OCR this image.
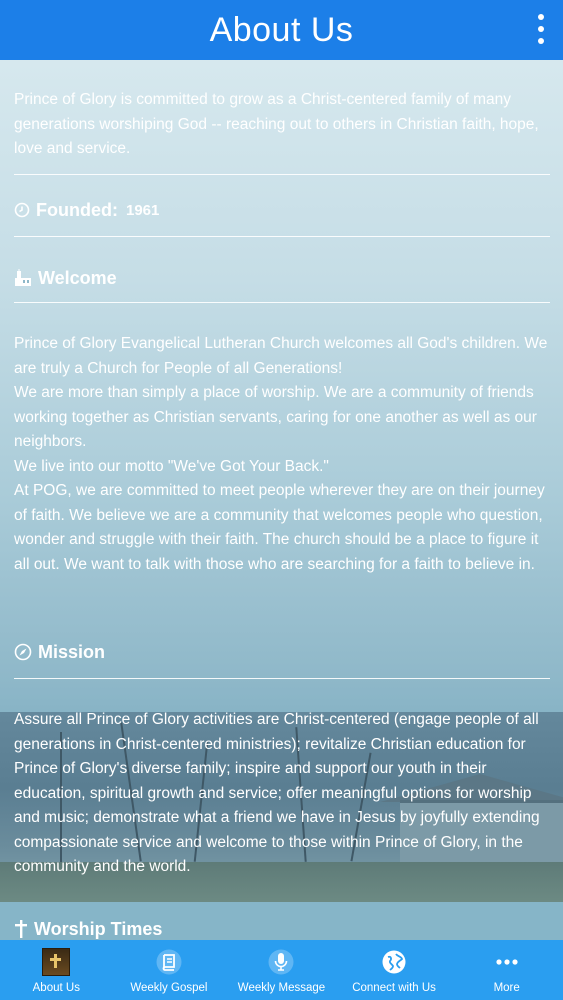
About Us
Prince of Glory is committed to grow as a Christ-centered family of many generations worshiping God -- reaching out to others in Christian faith, hope, love and service.
Founded: 1961
Welcome
Prince of Glory Evangelical Lutheran Church welcomes all God's children. We are truly a Church for People of all Generations!
We are more than simply a place of worship. We are a community of friends working together as Christian servants, caring for one another as well as our neighbors.
We live into our motto "We've Got Your Back."
At POG, we are committed to meet people wherever they are on their journey of faith. We believe we are a community that welcomes people who question, wonder and struggle with their faith. The church should be a place to figure it all out. We want to talk with those who are searching for a faith to believe in.
Mission
Assure all Prince of Glory activities are Christ-centered (engage people of all generations in Christ-centered ministries); revitalize Christian education for Prince of Glory's diverse family; inspire and support our youth in their education, spiritual growth and service; offer meaningful options for worship and music; demonstrate what a friend we have in Jesus by joyfully extending compassionate service and welcome to those within Prince of Glory, in the community and the world.
Worship Times
About Us	Weekly Gospel	Weekly Message Connect with Us	More
